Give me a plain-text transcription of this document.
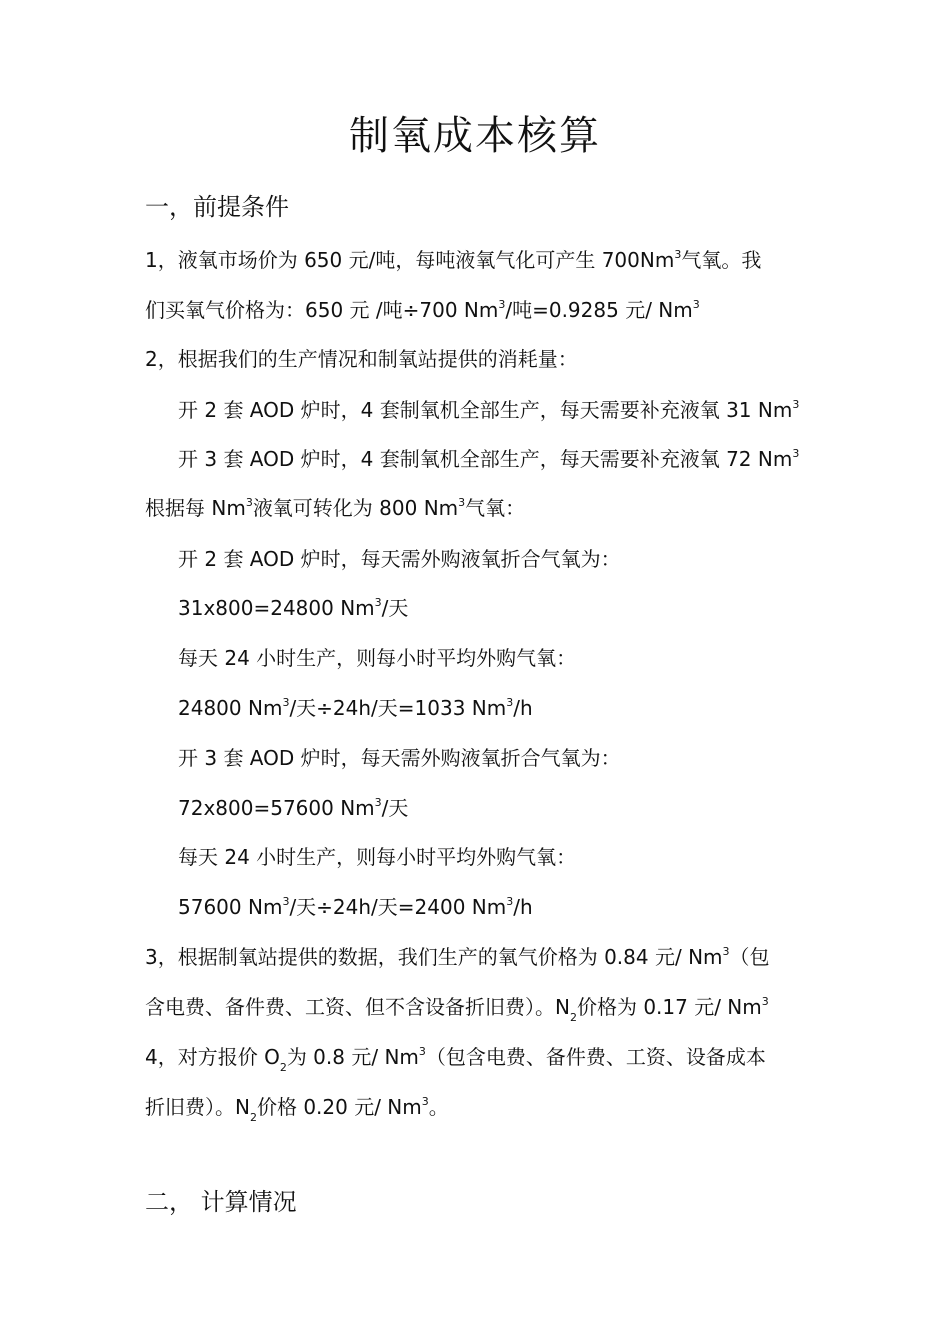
制氧成本核算
一，前提条件
1，液氧市场价为 650 元/吨，每吨液氧气化可产生 700Nm$^3$气氧。我
们买氧气价格为：650 元 /吨÷700 $Nm^3/$吨=0.9285 元/ Nm$^3$
2，根据我们的生产情况和制氧站提供的消耗量：
开 2 套 AOD 炉时，4 套制氧机全部生产，每天需要补充液氧 31 Nm$^3$
开 3 套 AOD 炉时，4 套制氧机全部生产，每天需要补充液氧 72 Nm$^3$
根据每 Nm$^3$液氧可转化为 800 Nm$^3$气氧：
开 2 套 AOD 炉时，每天需外购液氧折合气氧为：
31x800=24800 Nm$^3$/天
每天 24 小时生产，则每小时平均外购气氧：
24800 $Nm^3/$天÷24h/天=1033 Nm$^3$/h
开 3 套 AOD 炉时，每天需外购液氧折合气氧为：
72x800=57600 Nm$^3$/天
每天 24 小时生产，则每小时平均外购气氧：
57600 $Nm^3/$天÷24h/天=2400 Nm$^3$/h
3，根据制氧站提供的数据，我们生产的氧气价格为 0.84 元/ Nm$^3$（包
含电费、备件费、工资、但不含设备折旧费）。$N_2$价格为 0.17 元/ Nm$^3$
4，对方报价 $O_2$为 0.8 元/ Nm$^3$（包含电费、备件费、工资、设备成本
折旧费）。$N_2$价格 0.20 元/ Nm$^3$。
二， 计算情况
